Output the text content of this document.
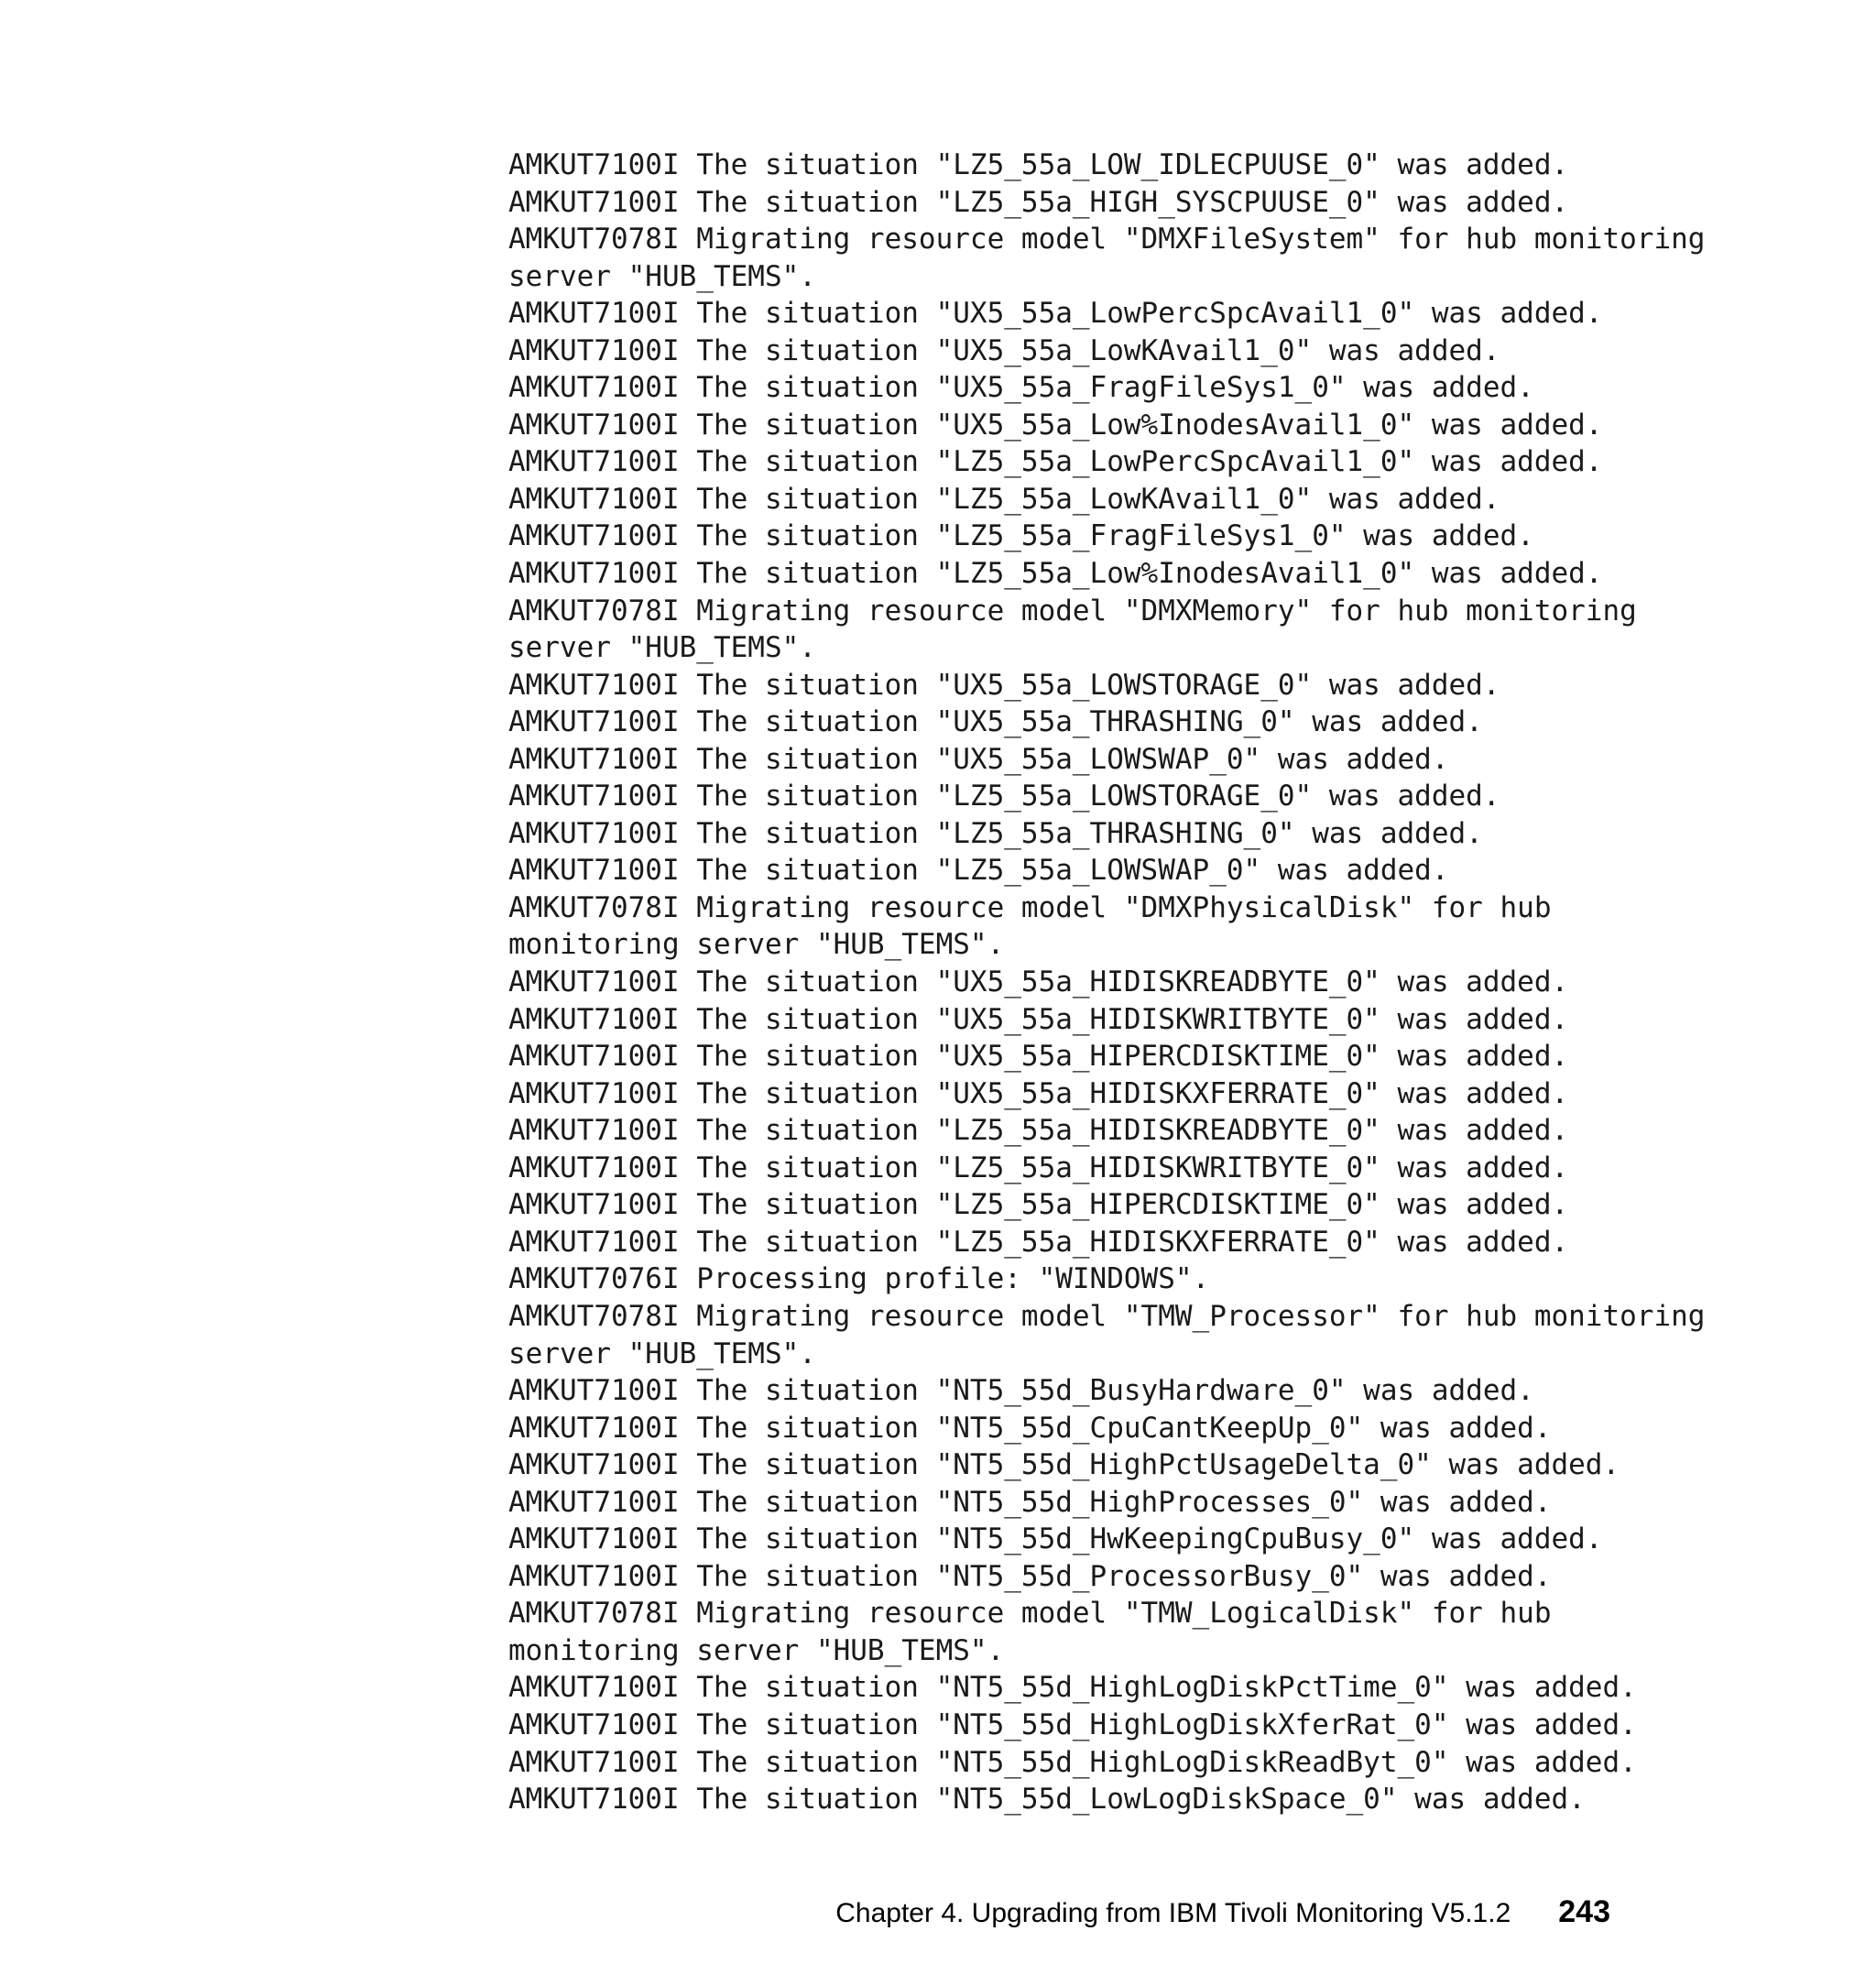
AMKUT7100I The situation "LZ5_55a_LOW_IDLECPUUSE_0" was added.
AMKUT7100I The situation "LZ5_55a_HIGH_SYSCPUUSE_0" was added.
AMKUT7078I Migrating resource model "DMXFileSystem" for hub monitoring
server "HUB_TEMS".
AMKUT7100I The situation "UX5_55a_LowPercSpcAvail1_0" was added.
AMKUT7100I The situation "UX5_55a_LowKAvail1_0" was added.
AMKUT7100I The situation "UX5_55a_FragFileSys1_0" was added.
AMKUT7100I The situation "UX5_55a_Low%InodesAvail1_0" was added.
AMKUT7100I The situation "LZ5_55a_LowPercSpcAvail1_0" was added.
AMKUT7100I The situation "LZ5_55a_LowKAvail1_0" was added.
AMKUT7100I The situation "LZ5_55a_FragFileSys1_0" was added.
AMKUT7100I The situation "LZ5_55a_Low%InodesAvail1_0" was added.
AMKUT7078I Migrating resource model "DMXMemory" for hub monitoring
server "HUB_TEMS".
AMKUT7100I The situation "UX5_55a_LOWSTORAGE_0" was added.
AMKUT7100I The situation "UX5_55a_THRASHING_0" was added.
AMKUT7100I The situation "UX5_55a_LOWSWAP_0" was added.
AMKUT7100I The situation "LZ5_55a_LOWSTORAGE_0" was added.
AMKUT7100I The situation "LZ5_55a_THRASHING_0" was added.
AMKUT7100I The situation "LZ5_55a_LOWSWAP_0" was added.
AMKUT7078I Migrating resource model "DMXPhysicalDisk" for hub
monitoring server "HUB_TEMS".
AMKUT7100I The situation "UX5_55a_HIDISKREADBYTE_0" was added.
AMKUT7100I The situation "UX5_55a_HIDISKWRITBYTE_0" was added.
AMKUT7100I The situation "UX5_55a_HIPERCDISKTIME_0" was added.
AMKUT7100I The situation "UX5_55a_HIDISKXFERRATE_0" was added.
AMKUT7100I The situation "LZ5_55a_HIDISKREADBYTE_0" was added.
AMKUT7100I The situation "LZ5_55a_HIDISKWRITBYTE_0" was added.
AMKUT7100I The situation "LZ5_55a_HIPERCDISKTIME_0" was added.
AMKUT7100I The situation "LZ5_55a_HIDISKXFERRATE_0" was added.
AMKUT7076I Processing profile: "WINDOWS".
AMKUT7078I Migrating resource model "TMW_Processor" for hub monitoring
server "HUB_TEMS".
AMKUT7100I The situation "NT5_55d_BusyHardware_0" was added.
AMKUT7100I The situation "NT5_55d_CpuCantKeepUp_0" was added.
AMKUT7100I The situation "NT5_55d_HighPctUsageDelta_0" was added.
AMKUT7100I The situation "NT5_55d_HighProcesses_0" was added.
AMKUT7100I The situation "NT5_55d_HwKeepingCpuBusy_0" was added.
AMKUT7100I The situation "NT5_55d_ProcessorBusy_0" was added.
AMKUT7078I Migrating resource model "TMW_LogicalDisk" for hub
monitoring server "HUB_TEMS".
AMKUT7100I The situation "NT5_55d_HighLogDiskPctTime_0" was added.
AMKUT7100I The situation "NT5_55d_HighLogDiskXferRat_0" was added.
AMKUT7100I The situation "NT5_55d_HighLogDiskReadByt_0" was added.
AMKUT7100I The situation "NT5_55d_LowLogDiskSpace_0" was added.
Chapter 4. Upgrading from IBM Tivoli Monitoring V5.1.2 243
